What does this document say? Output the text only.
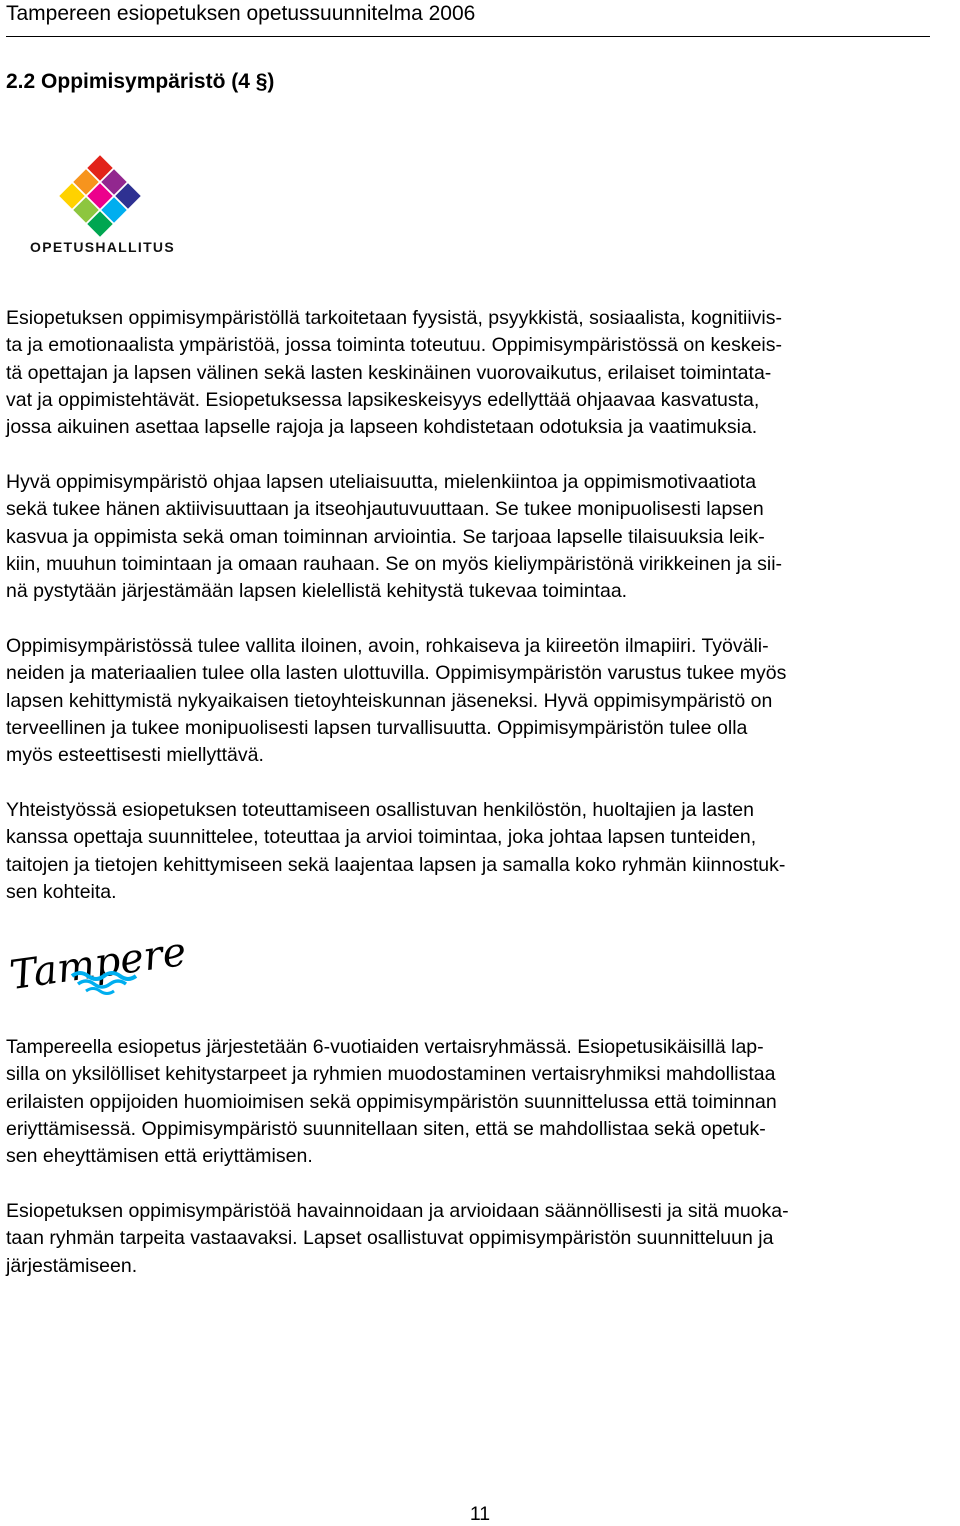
Tampereen esiopetuksen opetussuunnitelma 2006
2.2 Oppimisympäristö (4 §)
OPETUSHALLITUS
Esiopetuksen oppimisympäristöllä tarkoitetaan fyysistä, psyykkistä, sosiaalista, kognitiivis-
ta ja emotionaalista ympäristöä, jossa toiminta toteutuu. Oppimisympäristössä on keskeis-
tä opettajan ja lapsen välinen sekä lasten keskinäinen vuorovaikutus, erilaiset toimintata-
vat ja oppimistehtävät. Esiopetuksessa lapsikeskeisyys edellyttää ohjaavaa kasvatusta,
jossa aikuinen asettaa lapselle rajoja ja lapseen kohdistetaan odotuksia ja vaatimuksia.
Hyvä oppimisympäristö ohjaa lapsen uteliaisuutta, mielenkiintoa ja oppimismotivaatiota
sekä tukee hänen aktiivisuuttaan ja itseohjautuvuuttaan. Se tukee monipuolisesti lapsen
kasvua ja oppimista sekä oman toiminnan arviointia. Se tarjoaa lapselle tilaisuuksia leik-
kiin, muuhun toimintaan ja omaan rauhaan. Se on myös kieliympäristönä virikkeinen ja sii-
nä pystytään järjestämään lapsen kielellistä kehitystä tukevaa toimintaa.
Oppimisympäristössä tulee vallita iloinen, avoin, rohkaiseva ja kiireetön ilmapiiri. Työväli-
neiden ja materiaalien tulee olla lasten ulottuvilla. Oppimisympäristön varustus tukee myös
lapsen kehittymistä nykyaikaisen tietoyhteiskunnan jäseneksi. Hyvä oppimisympäristö on
terveellinen ja tukee monipuolisesti lapsen turvallisuutta. Oppimisympäristön tulee olla
myös esteettisesti miellyttävä.
Yhteistyössä esiopetuksen toteuttamiseen osallistuvan henkilöstön, huoltajien ja lasten
kanssa opettaja suunnittelee, toteuttaa ja arvioi toimintaa, joka johtaa lapsen tunteiden,
taitojen ja tietojen kehittymiseen sekä laajentaa lapsen ja samalla koko ryhmän kiinnostuk-
sen kohteita.
Tampere
Tampereella esiopetus järjestetään 6-vuotiaiden vertaisryhmässä. Esiopetusikäisillä lap-
silla on yksilölliset kehitystarpeet ja ryhmien muodostaminen vertaisryhmiksi mahdollistaa
erilaisten oppijoiden huomioimisen sekä oppimisympäristön suunnittelussa että toiminnan
eriyttämisessä. Oppimisympäristö suunnitellaan siten, että se mahdollistaa sekä opetuk-
sen eheyttämisen että eriyttämisen.
Esiopetuksen oppimisympäristöä havainnoidaan ja arvioidaan säännöllisesti ja sitä muoka-
taan ryhmän tarpeita vastaavaksi. Lapset osallistuvat oppimisympäristön suunnitteluun ja
järjestämiseen.
11
